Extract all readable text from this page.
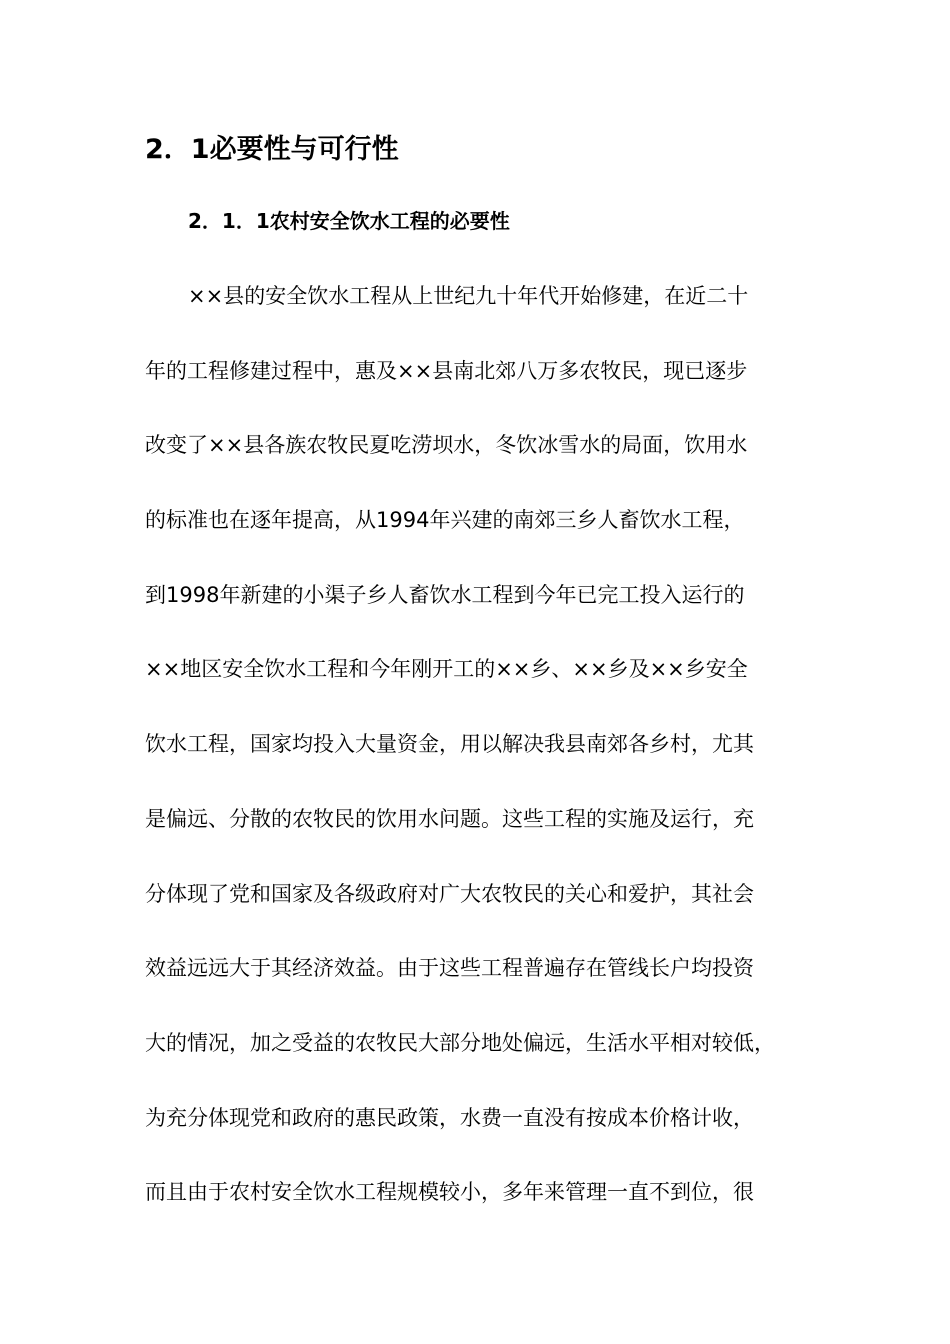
2．1必要性与可行性
2．1．1农村安全饮水工程的必要性
××县的安全饮水工程从上世纪九十年代开始修建，在近二十
年的工程修建过程中，惠及××县南北郊八万多农牧民，现已逐步
改变了××县各族农牧民夏吃涝坝水，冬饮冰雪水的局面，饮用水
的标准也在逐年提高，从1994年兴建的南郊三乡人畜饮水工程，
到1998年新建的小渠子乡人畜饮水工程到今年已完工投入运行的
××地区安全饮水工程和今年刚开工的××乡、××乡及××乡安全
饮水工程，国家均投入大量资金，用以解决我县南郊各乡村，尤其
是偏远、分散的农牧民的饮用水问题。这些工程的实施及运行，充
分体现了党和国家及各级政府对广大农牧民的关心和爱护，其社会
效益远远大于其经济效益。由于这些工程普遍存在管线长户均投资
大的情况，加之受益的农牧民大部分地处偏远，生活水平相对较低，
为充分体现党和政府的惠民政策，水费一直没有按成本价格计收，
而且由于农村安全饮水工程规模较小，多年来管理一直不到位，很
